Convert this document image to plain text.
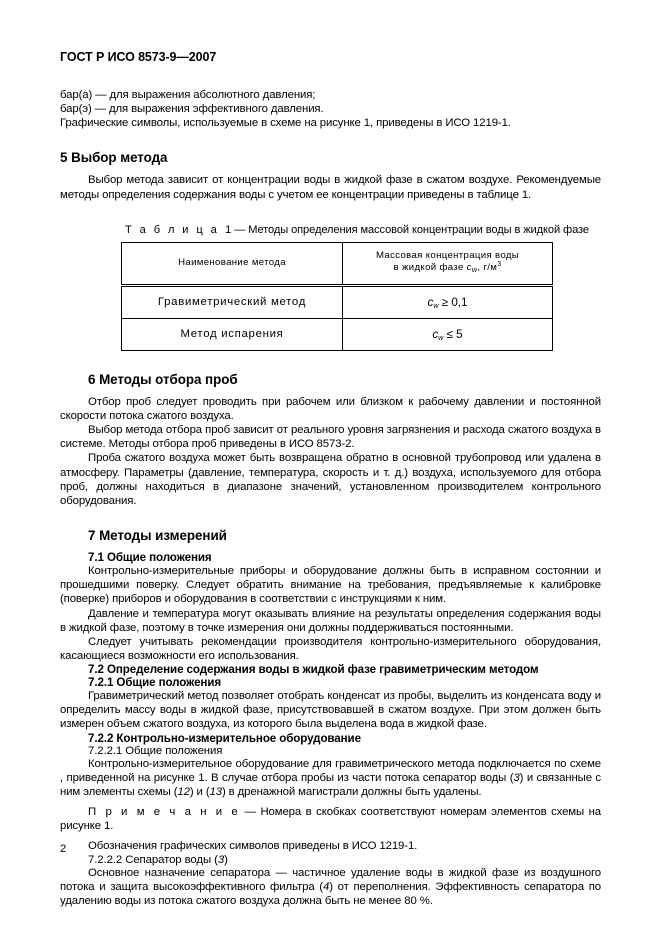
ГОСТ Р ИСО 8573-9—2007

бар(а) — для выражения абсолютного давления;

бар(э) — для выражения эффективного давления.

Графические символы, используемые в схеме на рисунке 1, приведены в ИСО 1219-1.

5 Выбор метода

Выбор метода зависит от концентрации воды в жидкой фазе в сжатом воздухе. Рекомендуемые методы определения содержания воды с учетом ее концентрации приведены в таблице 1.

Т а б л и ц а 1 — Методы определения массовой концентрации воды в жидкой фазе

Наименование метода	Массовая концентрация воды
в жидкой фазе $c_w$, $г/м^3$
Гравиметрический метод	$c_w \ge 0,1$
Метод испарения	$c_w \le 5$
6 Методы отбора проб

Отбор проб следует проводить при рабочем или близком к рабочему давлении и постоянной скорости потока сжатого воздуха.

Выбор метода отбора проб зависит от реального уровня загрязнения и расхода сжатого воздуха в системе. Методы отбора проб приведены в ИСО 8573-2.

Проба сжатого воздуха может быть возвращена обратно в основной трубопровод или удалена в атмосферу. Параметры (давление, температура, скорость и т. д.) воздуха, используемого для отбора проб, должны находиться в диапазоне значений, установленном производителем контрольного оборудования.

7 Методы измерений
7.1 Общие положения

Контрольно-измерительные приборы и оборудование должны быть в исправном состоянии и прошедшими поверку. Следует обратить внимание на требования, предъявляемые к калибровке (поверке) приборов и оборудования в соответствии с инструкциями к ним.

Давление и температура могут оказывать влияние на результаты определения содержания воды в жидкой фазе, поэтому в точке измерения они должны поддерживаться постоянными.

Следует учитывать рекомендации производителя контрольно-измерительного оборудования, касающиеся возможности его использования.

7.2 Определение содержания воды в жидкой фазе гравиметрическим методом
7.2.1 Общие положения

Гравиметрический метод позволяет отобрать конденсат из пробы, выделить из конденсата воду и определить массу воды в жидкой фазе, присутствовавшей в сжатом воздухе. При этом должен быть измерен объем сжатого воздуха, из которого была выделена вода в жидкой фазе.

7.2.2 Контрольно-измерительное оборудование
7.2.2.1 Общие положения

Контрольно-измерительное оборудование для гравиметрического метода подключается по схеме , приведенной на рисунке 1. В случае отбора пробы из части потока сепаратор воды (3) и связанные с ним элементы схемы (12) и (13) в дренажной магистрали должны быть удалены.

П р и м е ч а н и е — Номера в скобках соответствуют номерам элементов схемы на рисунке 1.

Обозначения графических символов приведены в ИСО 1219-1.

7.2.2.2 Сепаратор воды (3)

Основное назначение сепаратора — частичное удаление воды в жидкой фазе из воздушного потока и защита высокоэффективного фильтра (4) от переполнения. Эффективность сепаратора по удалению воды из потока сжатого воздуха должна быть не менее 80 %.

2
